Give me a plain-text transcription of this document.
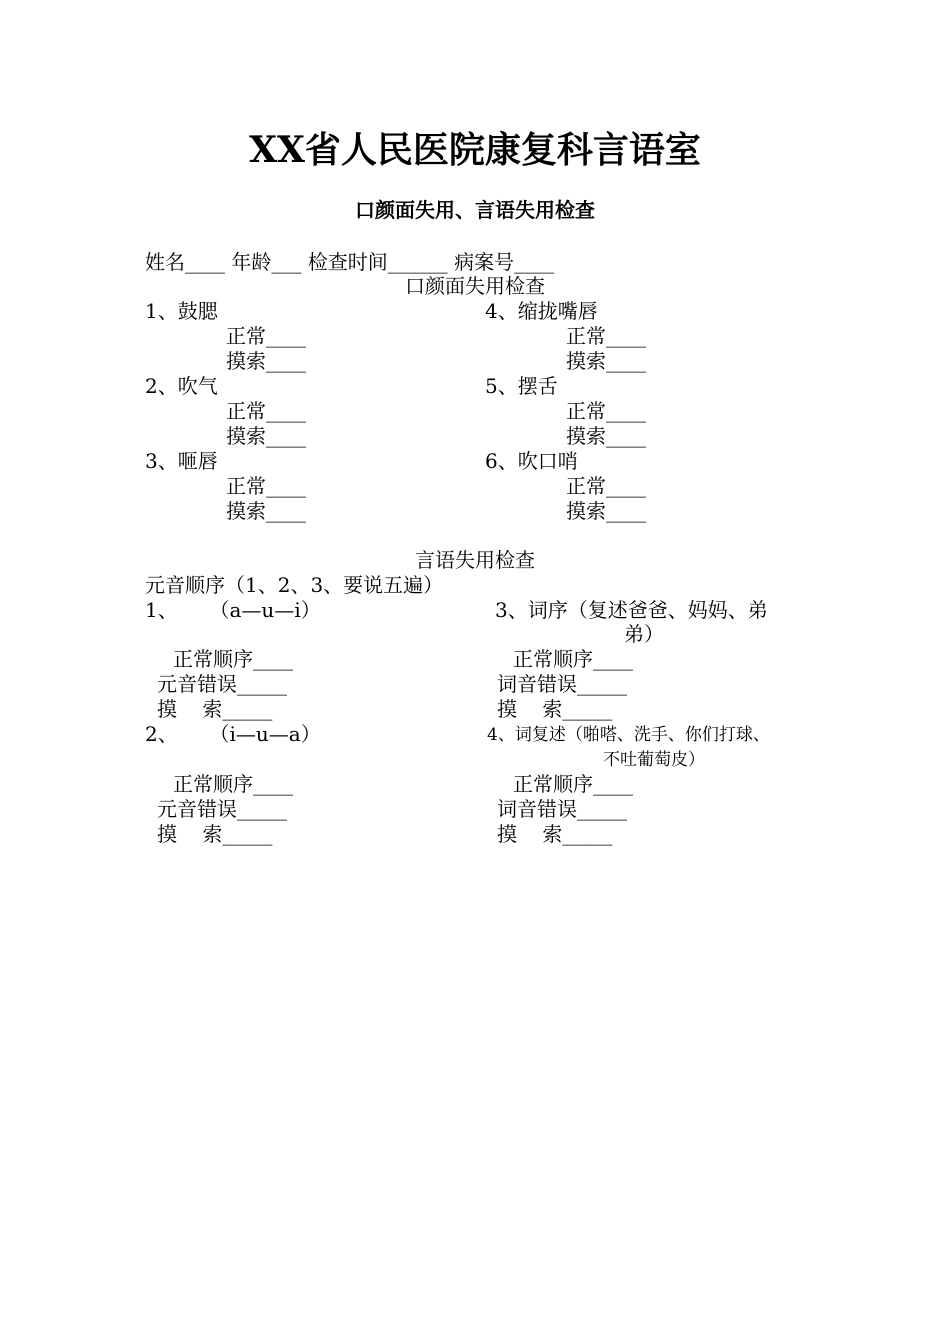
XX省人民医院康复科言语室
口颜面失用、言语失用检查
姓名____ 年龄___ 检查时间______ 病案号____
口颜面失用检查
1、鼓腮
正常____
摸索____
2、吹气
正常____
摸索____
3、咂唇
正常____
摸索____
4、缩拢嘴唇
正常____
摸索____
5、摆舌
正常____
摸索____
6、吹口哨
正常____
摸索____
言语失用检查
元音顺序（1、2、3、要说五遍）
1、     （a—u—i）
正常顺序____
元音错误_____
摸    索_____
2、     （i—u—a）
正常顺序____
元音错误_____
摸    索_____
3、词序（复述爸爸、妈妈、弟
弟）
正常顺序____
词音错误_____
摸    索_____
4、词复述（啪嗒、洗手、你们打球、
不吐葡萄皮）
正常顺序____
词音错误_____
摸    索_____
